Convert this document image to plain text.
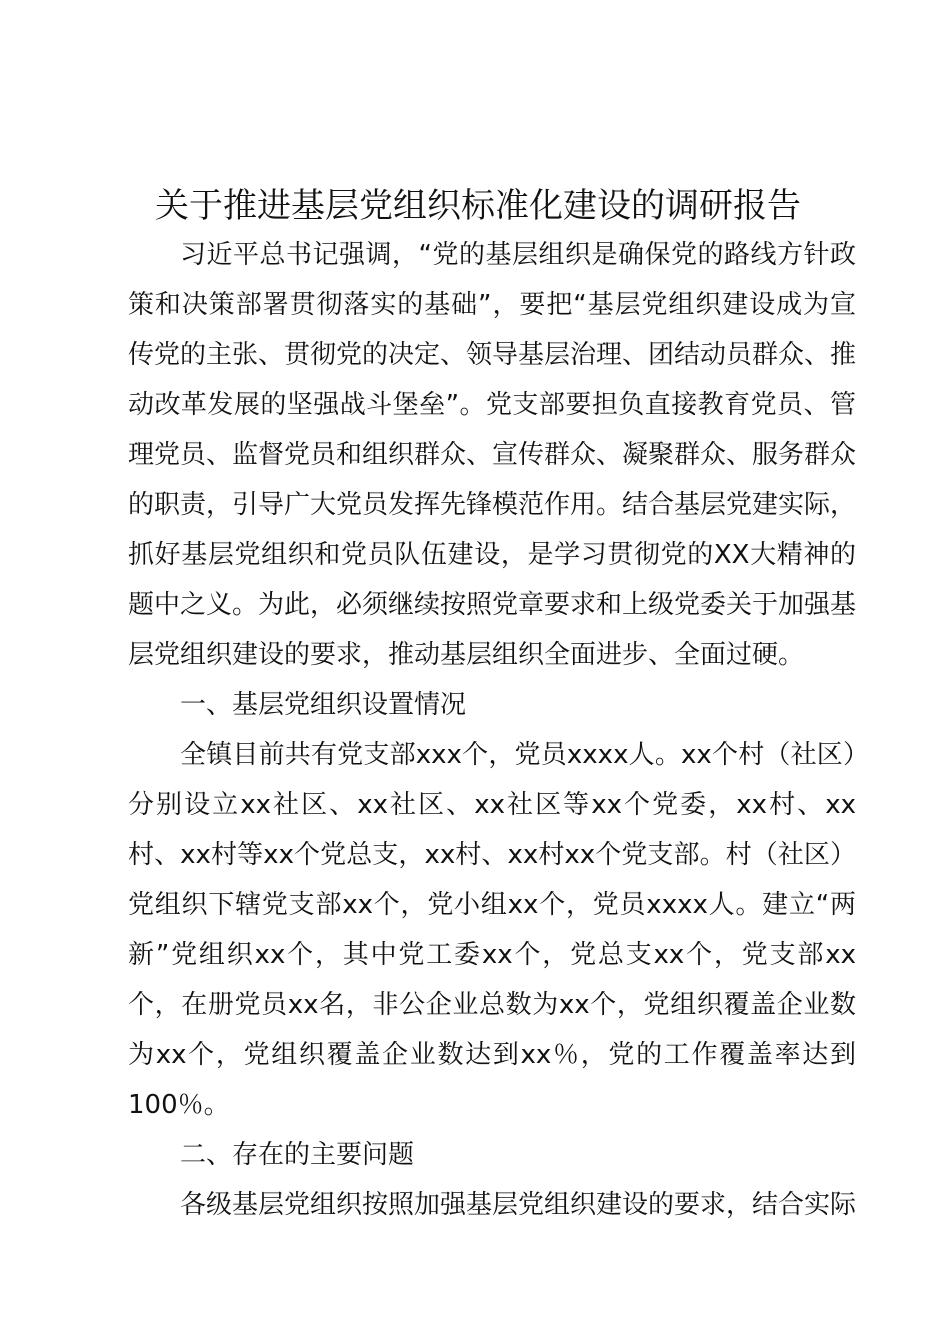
关于推进基层党组织标准化建设的调研报告

习近平总书记强调，“党的基层组织是确保党的路线方针政策和决策部署贯彻落实的基础”，要把“基层党组织建设成为宣传党的主张、贯彻党的决定、领导基层治理、团结动员群众、推动改革发展的坚强战斗堡垒”。党支部要担负直接教育党员、管理党员、监督党员和组织群众、宣传群众、凝聚群众、服务群众的职责，引导广大党员发挥先锋模范作用。结合基层党建实际，抓好基层党组织和党员队伍建设，是学习贯彻党的XX大精神的题中之义。为此，必须继续按照党章要求和上级党委关于加强基层党组织建设的要求，推动基层组织全面进步、全面过硬。

一、基层党组织设置情况

全镇目前共有党支部xxx个，党员xxxx人。xx个村（社区）分别设立xx社区、xx社区、xx社区等xx个党委，xx村、xx村、xx村等xx个党总支，xx村、xx村xx个党支部。村（社区）党组织下辖党支部xx个，党小组xx个，党员xxxx人。建立“两新”党组织xx个，其中党工委xx个，党总支xx个，党支部xx个，在册党员xx名，非公企业总数为xx个，党组织覆盖企业数为xx个，党组织覆盖企业数达到xx％，党的工作覆盖率达到100％。

二、存在的主要问题

各级基层党组织按照加强基层党组织建设的要求，结合实际
